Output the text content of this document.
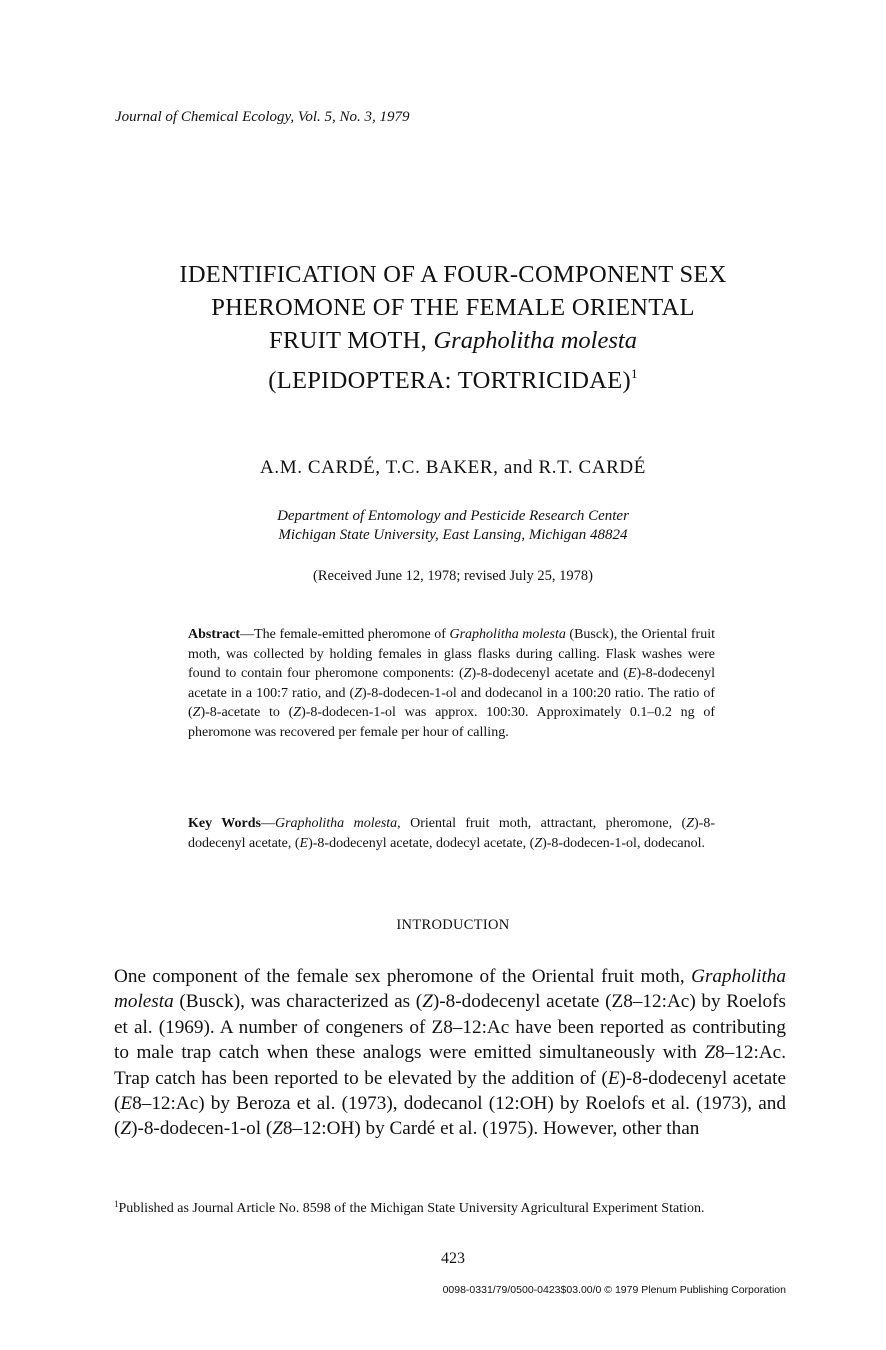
Journal of Chemical Ecology, Vol. 5, No. 3, 1979
IDENTIFICATION OF A FOUR-COMPONENT SEX
PHEROMONE OF THE FEMALE ORIENTAL
FRUIT MOTH, Grapholitha molesta
(LEPIDOPTERA: TORTRICIDAE)$^1$
A.M. CARDÉ, T.C. BAKER, and R.T. CARDÉ
Department of Entomology and Pesticide Research Center
Michigan State University, East Lansing, Michigan 48824
(Received June 12, 1978; revised July 25, 1978)
Abstract—The female-emitted pheromone of Grapholitha molesta (Busck), the Oriental fruit moth, was collected by holding females in glass flasks during calling. Flask washes were found to contain four pheromone components: (Z)-8-dodecenyl acetate and (E)-8-dodecenyl acetate in a 100:7 ratio, and (Z)-8-dodecen-1-ol and dodecanol in a 100:20 ratio. The ratio of (Z)-8-acetate to (Z)-8-dodecen-1-ol was approx. 100:30. Approximately 0.1–0.2 ng of pheromone was recovered per female per hour of calling.
Key Words—Grapholitha molesta, Oriental fruit moth, attractant, pheromone, (Z)-8-dodecenyl acetate, (E)-8-dodecenyl acetate, dodecyl acetate, (Z)-8-dodecen-1-ol, dodecanol.
INTRODUCTION
One component of the female sex pheromone of the Oriental fruit moth, Grapholitha molesta (Busck), was characterized as (Z)-8-dodecenyl acetate (Z8–12:Ac) by Roelofs et al. (1969). A number of congeners of Z8–12:Ac have been reported as contributing to male trap catch when these analogs were emitted simultaneously with Z8–12:Ac. Trap catch has been reported to be elevated by the addition of (E)-8-dodecenyl acetate (E8–12:Ac) by Beroza et al. (1973), dodecanol (12:OH) by Roelofs et al. (1973), and (Z)-8-dodecen-1-ol (Z8–12:OH) by Cardé et al. (1975). However, other than
$^1$Published as Journal Article No. 8598 of the Michigan State University Agricultural Experiment Station.
423
0098-0331/79/0500-0423$03.00/0 © 1979 Plenum Publishing Corporation
